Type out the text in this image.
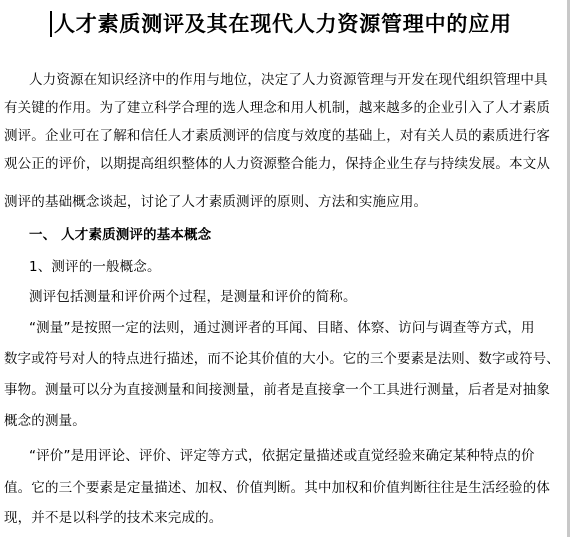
人才素质测评及其在现代人力资源管理中的应用
人力资源在知识经济中的作用与地位，决定了人力资源管理与开发在现代组织管理中具
有关键的作用。为了建立科学合理的选人理念和用人机制，越来越多的企业引入了人才素质
测评。企业可在了解和信任人才素质测评的信度与效度的基础上，对有关人员的素质进行客
观公正的评价，以期提高组织整体的人力资源整合能力，保持企业生存与持续发展。本文从
测评的基础概念谈起，讨论了人才素质测评的原则、方法和实施应用。
一、 人才素质测评的基本概念
1、测评的一般概念。
测评包括测量和评价两个过程，是测量和评价的简称。
“测量”是按照一定的法则，通过测评者的耳闻、目睹、体察、访问与调查等方式，用
数字或符号对人的特点进行描述，而不论其价值的大小。它的三个要素是法则、数字或符号、
事物。测量可以分为直接测量和间接测量，前者是直接拿一个工具进行测量，后者是对抽象
概念的测量。
“评价”是用评论、评价、评定等方式，依据定量描述或直觉经验来确定某种特点的价
值。它的三个要素是定量描述、加权、价值判断。其中加权和价值判断往往是生活经验的体
现，并不是以科学的技术来完成的。
